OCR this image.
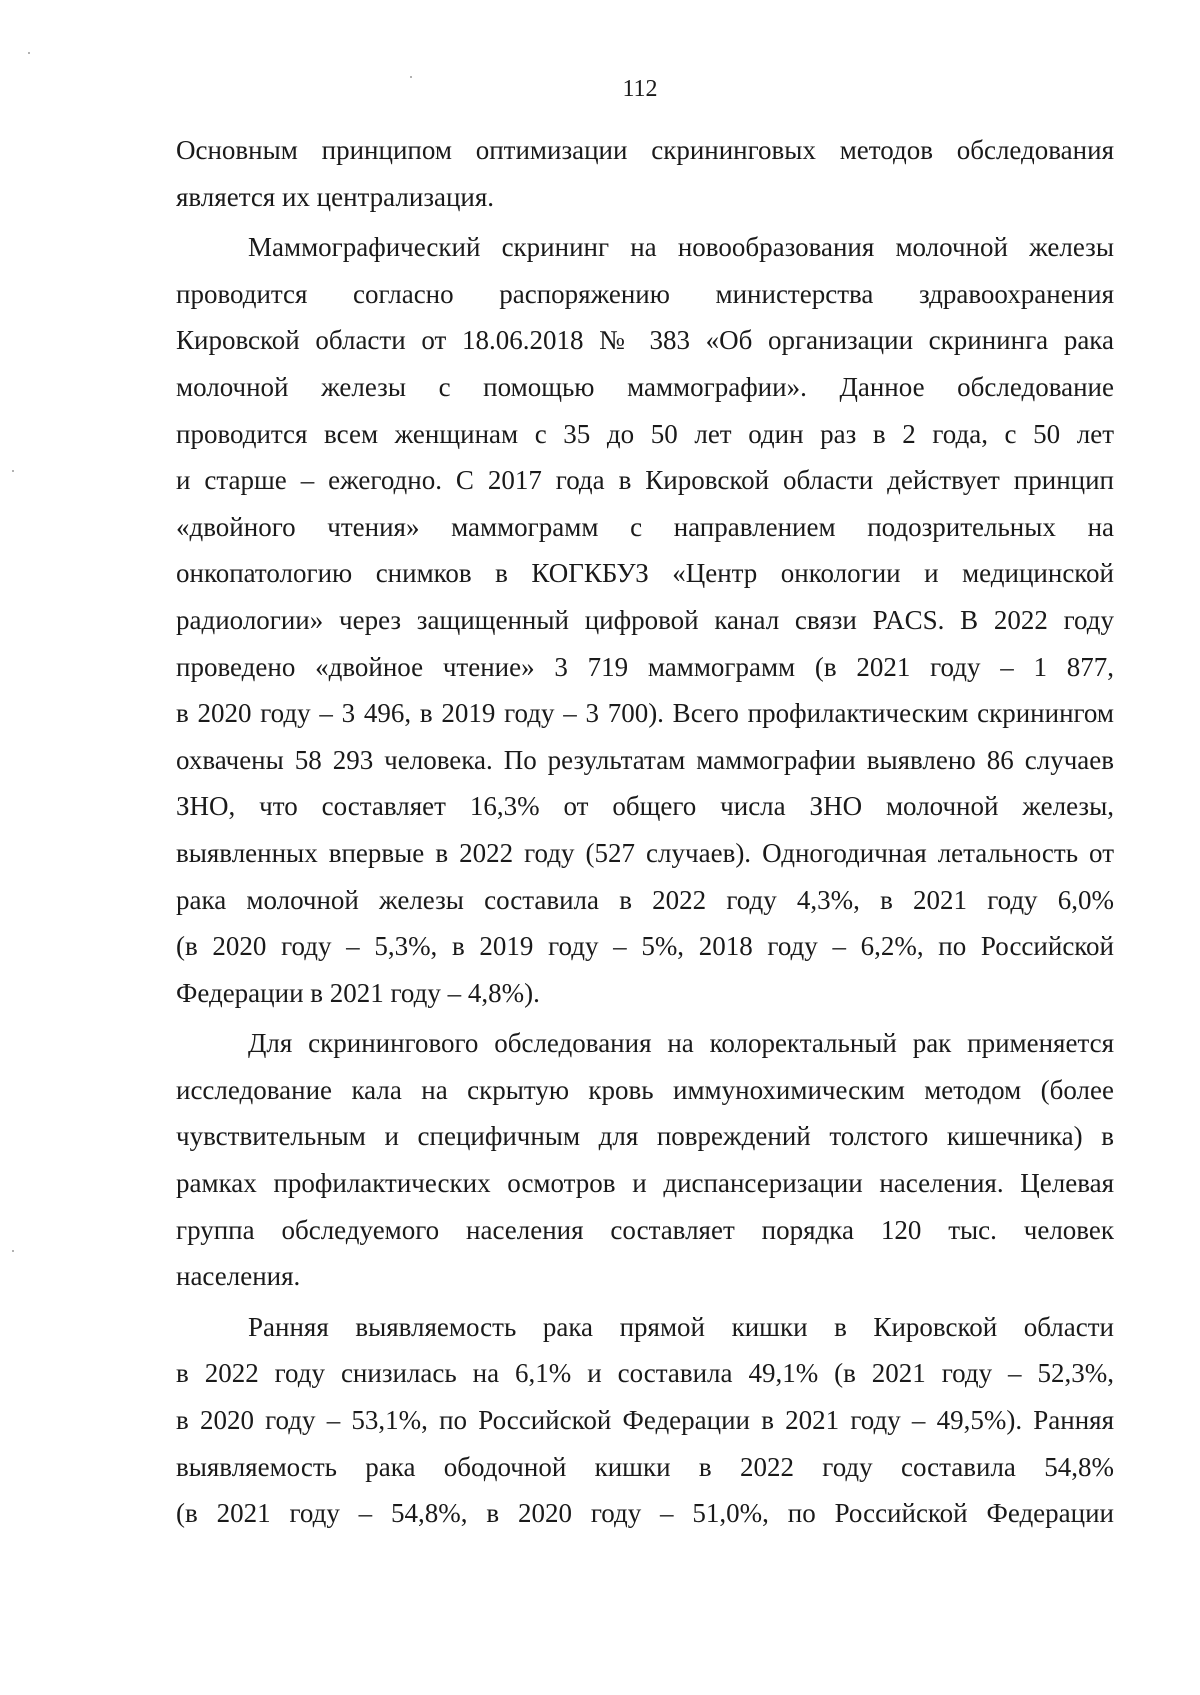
112
Основным принципом оптимизации скрининговых методов обследования
является их централизация.
Маммографический скрининг на новообразования молочной железы
проводится согласно распоряжению министерства здравоохранения
Кировской области от 18.06.2018 № 383 «Об организации скрининга рака
молочной железы с помощью маммографии». Данное обследование
проводится всем женщинам с 35 до 50 лет один раз в 2 года, с 50 лет
и старше – ежегодно. С 2017 года в Кировской области действует принцип
«двойного чтения» маммограмм с направлением подозрительных на
онкопатологию снимков в КОГКБУЗ «Центр онкологии и медицинской
радиологии» через защищенный цифровой канал связи PACS. В 2022 году
проведено «двойное чтение» 3 719 маммограмм (в 2021 году – 1 877,
в 2020 году – 3 496, в 2019 году – 3 700). Всего профилактическим скринингом
охвачены 58 293 человека. По результатам маммографии выявлено 86 случаев
ЗНО, что составляет 16,3% от общего числа ЗНО молочной железы,
выявленных впервые в 2022 году (527 случаев). Одногодичная летальность от
рака молочной железы составила в 2022 году 4,3%, в 2021 году 6,0%
(в 2020 году – 5,3%, в 2019 году – 5%, 2018 году – 6,2%, по Российской
Федерации в 2021 году – 4,8%).
Для скринингового обследования на колоректальный рак применяется
исследование кала на скрытую кровь иммунохимическим методом (более
чувствительным и специфичным для повреждений толстого кишечника) в
рамках профилактических осмотров и диспансеризации населения. Целевая
группа обследуемого населения составляет порядка 120 тыс. человек
населения.
Ранняя выявляемость рака прямой кишки в Кировской области
в 2022 году снизилась на 6,1% и составила 49,1% (в 2021 году – 52,3%,
в 2020 году – 53,1%, по Российской Федерации в 2021 году – 49,5%). Ранняя
выявляемость рака ободочной кишки в 2022 году составила 54,8%
(в 2021 году – 54,8%, в 2020 году – 51,0%, по Российской Федерации
